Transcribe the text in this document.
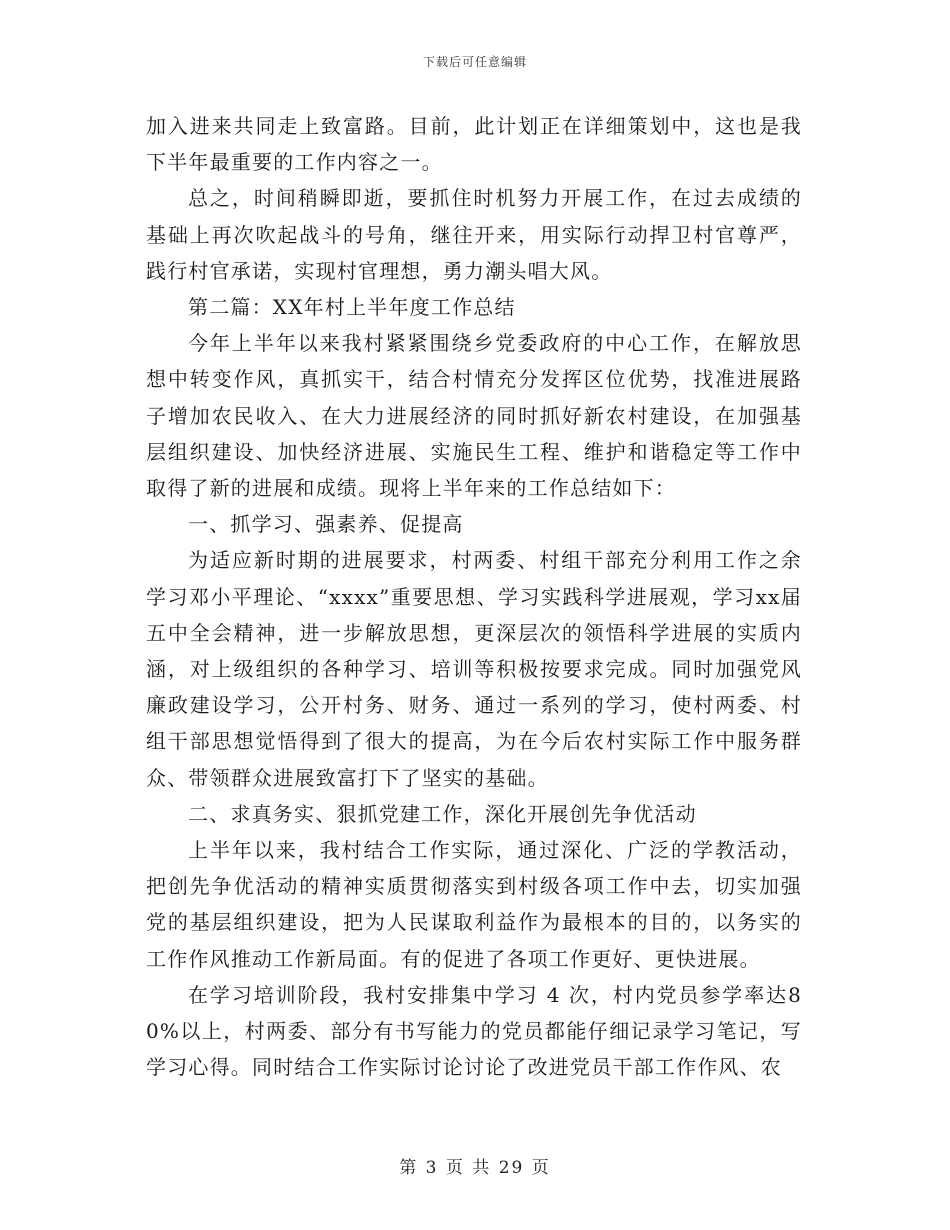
下载后可任意编辑

加入进来共同走上致富路。目前，此计划正在详细策划中，这也是我下半年最重要的工作内容之一。

总之，时间稍瞬即逝，要抓住时机努力开展工作，在过去成绩的基础上再次吹起战斗的号角，继往开来，用实际行动捍卫村官尊严，践行村官承诺，实现村官理想，勇力潮头唱大风。

第二篇：XX年村上半年度工作总结

今年上半年以来我村紧紧围绕乡党委政府的中心工作，在解放思想中转变作风，真抓实干，结合村情充分发挥区位优势，找准进展路子增加农民收入、在大力进展经济的同时抓好新农村建设，在加强基层组织建设、加快经济进展、实施民生工程、维护和谐稳定等工作中取得了新的进展和成绩。现将上半年来的工作总结如下：

一、抓学习、强素养、促提高

为适应新时期的进展要求，村两委、村组干部充分利用工作之余学习邓小平理论、“xxxx”重要思想、学习实践科学进展观，学习xx届五中全会精神，进一步解放思想，更深层次的领悟科学进展的实质内涵，对上级组织的各种学习、培训等积极按要求完成。同时加强党风廉政建设学习，公开村务、财务、通过一系列的学习，使村两委、村组干部思想觉悟得到了很大的提高，为在今后农村实际工作中服务群众、带领群众进展致富打下了坚实的基础。

二、求真务实、狠抓党建工作，深化开展创先争优活动

上半年以来，我村结合工作实际，通过深化、广泛的学教活动，把创先争优活动的精神实质贯彻落实到村级各项工作中去，切实加强党的基层组织建设，把为人民谋取利益作为最根本的目的，以务实的工作作风推动工作新局面。有的促进了各项工作更好、更快进展。

在学习培训阶段，我村安排集中学习 4 次，村内党员参学率达80%以上，村两委、部分有书写能力的党员都能仔细记录学习笔记，写学习心得。同时结合工作实际讨论讨论了改进党员干部工作作风、农

第 3 页 共 29 页
